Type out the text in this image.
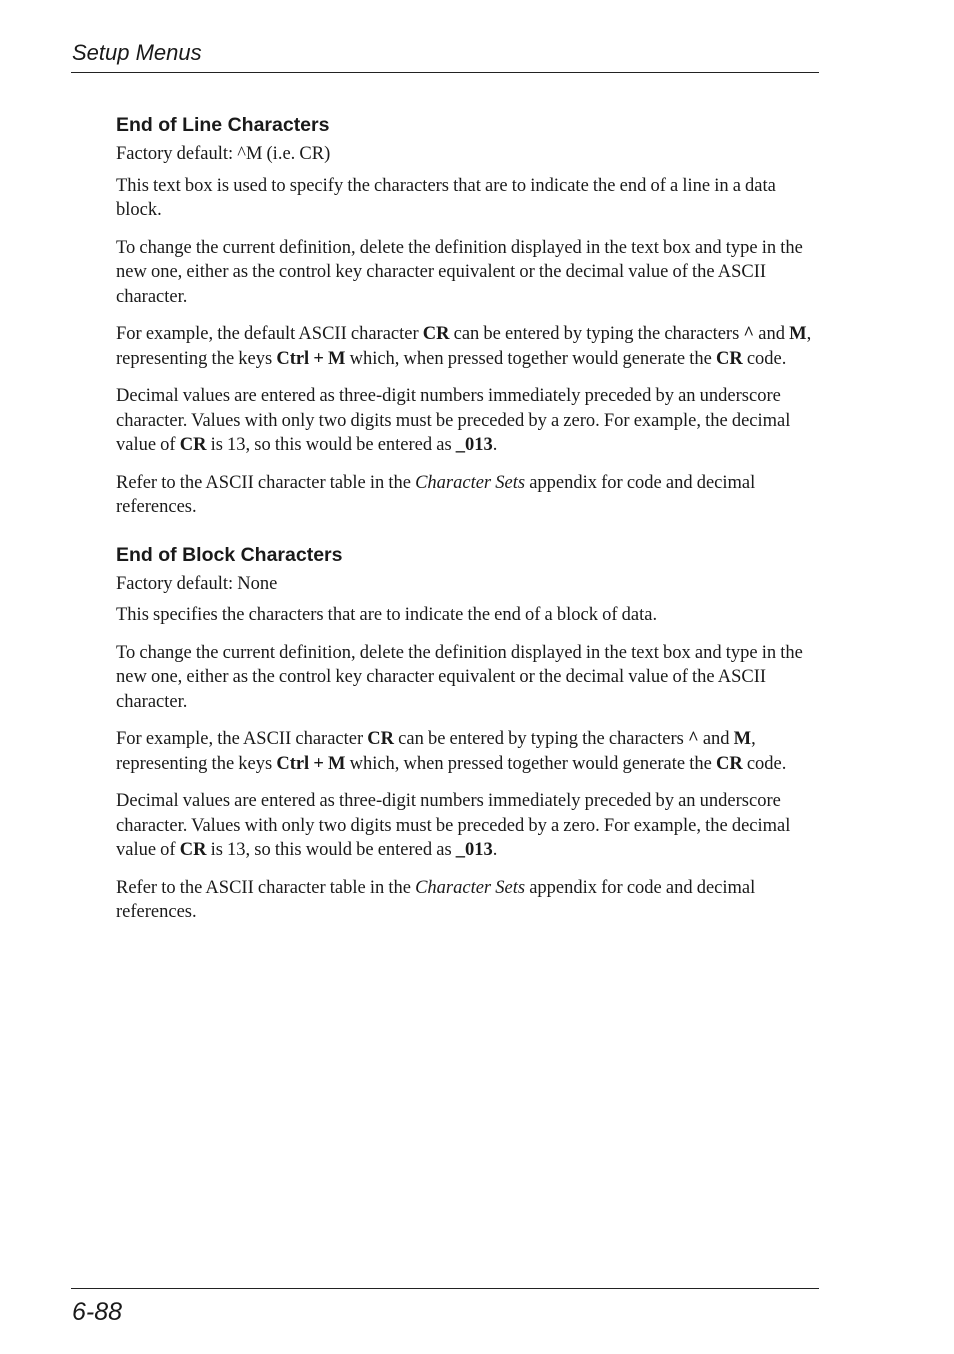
Setup Menus
End of Line Characters

Factory default: ^M (i.e. CR)

This text box is used to specify the characters that are to indicate the end of a line in a data block.

To change the current definition, delete the definition displayed in the text box and type in the new one, either as the control key character equivalent or the decimal value of the ASCII character.

For example, the default ASCII character CR can be entered by typing the characters ^ and M, representing the keys Ctrl + M which, when pressed together would generate the CR code.

Decimal values are entered as three-digit numbers immediately preceded by an underscore character. Values with only two digits must be preceded by a zero. For example, the decimal value of CR is 13, so this would be entered as _013.

Refer to the ASCII character table in the Character Sets appendix for code and decimal references.

End of Block Characters

Factory default: None

This specifies the characters that are to indicate the end of a block of data.

To change the current definition, delete the definition displayed in the text box and type in the new one, either as the control key character equivalent or the decimal value of the ASCII character.

For example, the ASCII character CR can be entered by typing the characters ^ and M, representing the keys Ctrl + M which, when pressed together would generate the CR code.

Decimal values are entered as three-digit numbers immediately preceded by an underscore character. Values with only two digits must be preceded by a zero. For example, the decimal value of CR is 13, so this would be entered as _013.

Refer to the ASCII character table in the Character Sets appendix for code and decimal references.

6-88
